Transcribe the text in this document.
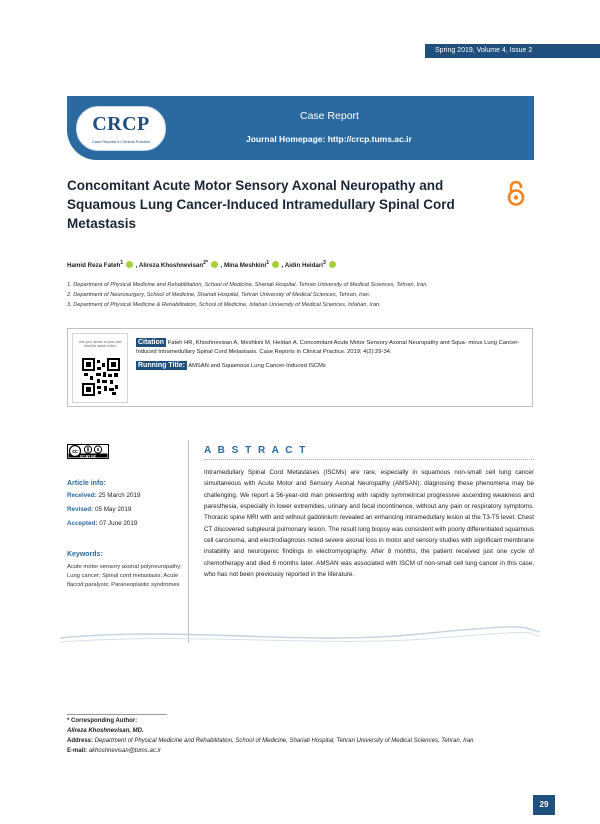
Spring 2019, Volume 4, Issue 2
CRCP
Case Reports in Clinical Practice
Case Report
Journal Homepage: http://crcp.tums.ac.ir
Concomitant Acute Motor Sensory Axonal Neuropathy and Squamous Lung Cancer-Induced Intramedullary Spinal Cord Metastasis
Hamid Reza Fateh$^1$ , Alireza Khoshnevisan$^{2*}$ , Mina Meshkini$^1$ , Aidin Heidari$^3$
1. Department of Physical Medicine and Rehabilitation, School of Medicine, Shariati Hospital, Tehran University of Medical Sciences, Tehran, Iran.
2. Department of Neurosurgery, School of Medicine, Shariati Hospital, Tehran University of Medical Sciences, Tehran, Iran.
3. Department of Physical Medicine & Rehabilitation, School of Medicine, Isfahan University of Medical Sciences, Isfahan, Iran.
Use your device to scan and read the article online	Citation Fateh HR, Khoshnevisan A, Meshkini M, Heidari A. Concomitant Acute Motor Sensory Axonal Neuropathy and Squa- mous Lung Cancer-Induced Intramedullary Spinal Cord Metastasis. Case Reports in Clinical Practice. 2019; 4(2):29-34.
Running Title: AMSAN and Squamous Lung Cancer-Induced ISCMs
cc	$
CC BY NC
Article info:
Received: 25 March 2019
Revised: 05 May 2019
Accepted: 07 June 2019
Keywords:
Acute motor sensory axonal polyneuropathy; Lung cancer; Spinal cord metastasis; Acute flaccid paralysis; Paraneoplastic syndromes
A B S T R A C T
Intramedullary Spinal Cord Metastases (ISCMs) are rare, especially in squamous non-small cell lung cancer simultaneous with Acute Motor and Sensory Axonal Neuropathy (AMSAN); diagnosing these phenomena may be challenging. We report a 56-year-old man presenting with rapidly symmetrical progressive ascending weakness and paresthesia, especially in lower extremities, urinary and fecal incontinence, without any pain or respiratory symptoms. Thoracic spine MRI with and without gadolinium revealed an enhancing intramedullary lesion at the T3-T5 level. Chest CT discovered subpleural pulmonary lesion. The result lung biopsy was consistent with poorly differentiated squamous cell carcinoma, and electrodiagnosis noted severe axonal loss in motor and sensory studies with significant membrane instability and neurogenic findings in electromyography. After 8 months, the patient received just one cycle of chemotherapy and died 6 months later. AMSAN was associated with ISCM of non-small cell lung cancer in this case, who has not been previously reported in the literature.
* Corresponding Author:
Alireza Khoshnevisan, MD.
Address: Department of Physical Medicine and Rehabilitation, School of Medicine, Shariati Hospital, Tehran University of Medical Sciences, Tehran, Iran.
E-mail: akhoshnevisan@tums.ac.ir
29
